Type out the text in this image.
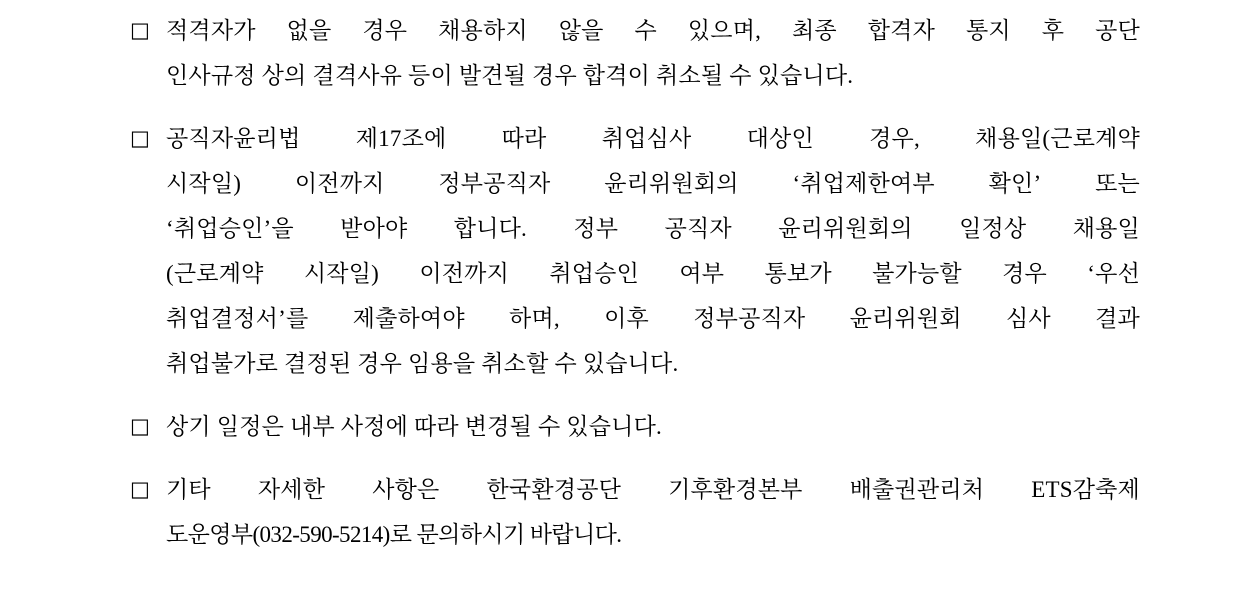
□ 적격자가 없을 경우 채용하지 않을 수 있으며, 최종 합격자 통지 후 공단
인사규정 상의 결격사유 등이 발견될 경우 합격이 취소될 수 있습니다.
□ 공직자윤리법 제17조에 따라 취업심사 대상인 경우, 채용일(근로계약
시작일) 이전까지 정부공직자 윤리위원회의 ‘취업제한여부 확인’ 또는
‘취업승인’을 받아야 합니다. 정부 공직자 윤리위원회의 일정상 채용일
(근로계약 시작일) 이전까지 취업승인 여부 통보가 불가능할 경우 ‘우선
취업결정서’를 제출하여야 하며, 이후 정부공직자 윤리위원회 심사 결과
취업불가로 결정된 경우 임용을 취소할 수 있습니다.
□ 상기 일정은 내부 사정에 따라 변경될 수 있습니다.
□ 기타 자세한 사항은 한국환경공단 기후환경본부 배출권관리처 ETS감축제
도운영부(032-590-5214)로 문의하시기 바랍니다.
